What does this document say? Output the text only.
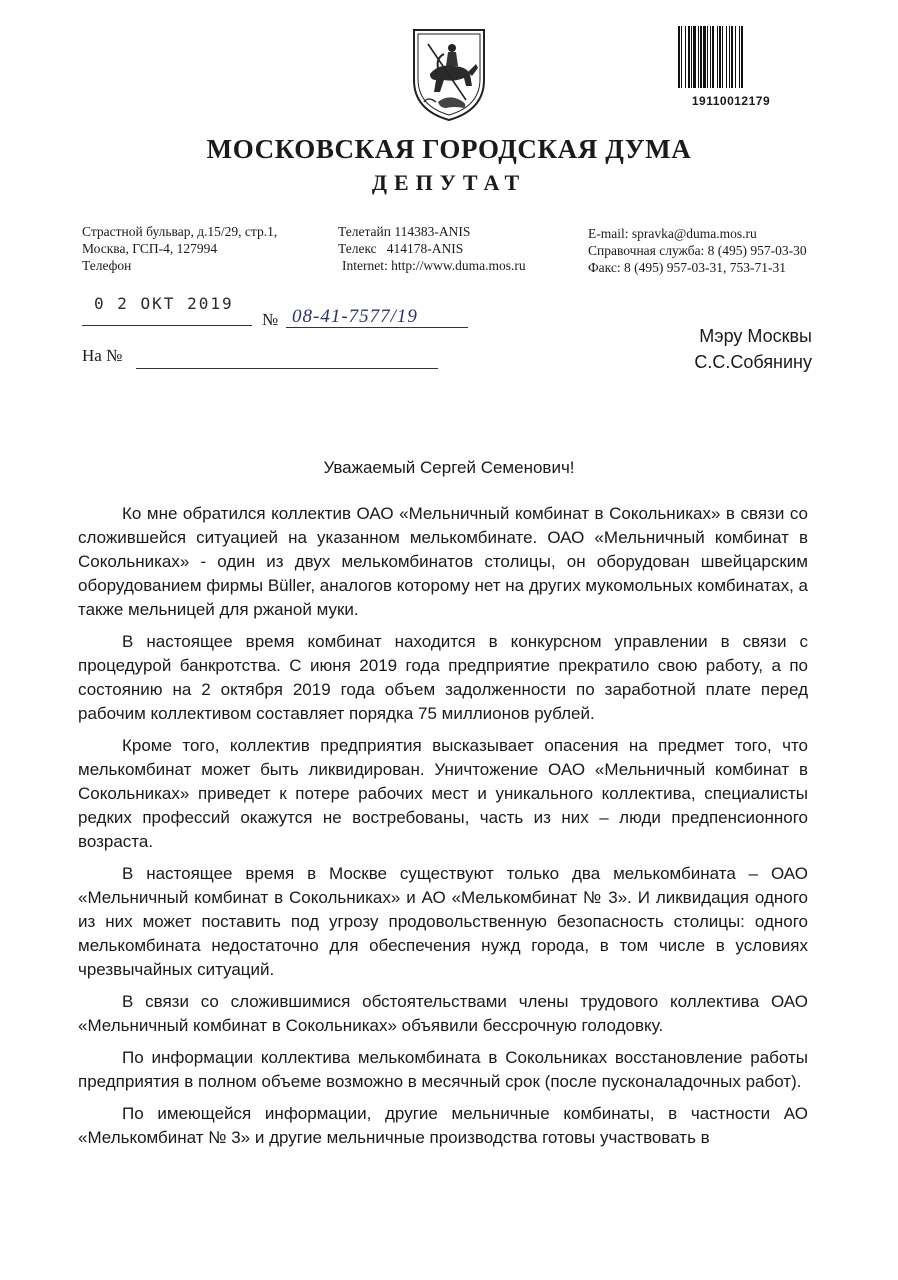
19110012179
МОСКОВСКАЯ ГОРОДСКАЯ ДУМА
ДЕПУТАТ
Страстной бульвар, д.15/29, стр.1,
Москва, ГСП-4, 127994
Телефон
Телетайп 114383-ANIS
Телекс   414178-ANIS
Internet: http://www.duma.mos.ru
E-mail: spravka@duma.mos.ru
Справочная служба: 8 (495) 957-03-30
Факс: 8 (495) 957-03-31, 753-71-31
0 2 ОКТ 2019
№ 08-41-7577/19
На №
Мэру Москвы
С.С.Собянину
Уважаемый Сергей Семенович!

Ко мне обратился коллектив ОАО «Мельничный комбинат в Сокольниках» в связи со сложившейся ситуацией на указанном мелькомбинате. ОАО «Мельничный комбинат в Сокольниках» - один из двух мелькомбинатов столицы, он оборудован швейцарским оборудованием фирмы Büller, аналогов которому нет на других мукомольных комбинатах, а также мельницей для ржаной муки.

В настоящее время комбинат находится в конкурсном управлении в связи с процедурой банкротства. С июня 2019 года предприятие прекратило свою работу, а по состоянию на 2 октября 2019 года объем задолженности по заработной плате перед рабочим коллективом составляет порядка 75 миллионов рублей.

Кроме того, коллектив предприятия высказывает опасения на предмет того, что мелькомбинат может быть ликвидирован. Уничтожение ОАО «Мельничный комбинат в Сокольниках» приведет к потере рабочих мест и уникального коллектива, специалисты редких профессий окажутся не востребованы, часть из них – люди предпенсионного возраста.

В настоящее время в Москве существуют только два мелькомбината – ОАО «Мельничный комбинат в Сокольниках» и АО «Мелькомбинат № 3». И ликвидация одного из них может поставить под угрозу продовольственную безопасность столицы: одного мелькомбината недостаточно для обеспечения нужд города, в том числе в условиях чрезвычайных ситуаций.

В связи со сложившимися обстоятельствами члены трудового коллектива ОАО «Мельничный комбинат в Сокольниках» объявили бессрочную голодовку.

По информации коллектива мелькомбината в Сокольниках восстановление работы предприятия в полном объеме возможно в месячный срок (после пусконаладочных работ).

По имеющейся информации, другие мельничные комбинаты, в частности АО «Мелькомбинат № 3» и другие мельничные производства готовы участвовать в
